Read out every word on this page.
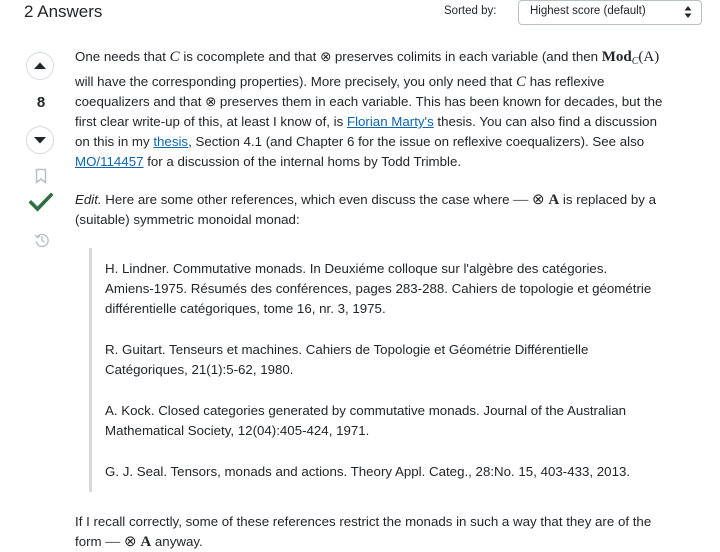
2 Answers	Sorted by:	Highest score (default)
8

One needs that C is cocomplete and that ⊗ preserves colimits in each variable (and then Mod$_C$(A) will have the corresponding properties). More precisely, you only need that C has reflexive coequalizers and that ⊗ preserves them in each variable. This has been known for decades, but the first clear write-up of this, at least I know of, is Florian Marty's thesis. You can also find a discussion on this in my thesis, Section 4.1 (and Chapter 6 for the issue on reflexive coequalizers). See also MO/114457 for a discussion of the internal homs by Todd Trimble.

Edit. Here are some other references, which even discuss the case where — ⊗ A is replaced by a (suitable) symmetric monoidal monad:

H. Lindner. Commutative monads. In Deuxiéme colloque sur l'algèbre des catégories. Amiens-1975. Résumés des conférences, pages 283-288. Cahiers de topologie et géométrie différentielle catégoriques, tome 16, nr. 3, 1975.

R. Guitart. Tenseurs et machines. Cahiers de Topologie et Géométrie Différentielle Catégoriques, 21(1):5-62, 1980.

A. Kock. Closed categories generated by commutative monads. Journal of the Australian Mathematical Society, 12(04):405-424, 1971.

G. J. Seal. Tensors, monads and actions. Theory Appl. Categ., 28:No. 15, 403-433, 2013.

If I recall correctly, some of these references restrict the monads in such a way that they are of the form — ⊗ A anyway.
